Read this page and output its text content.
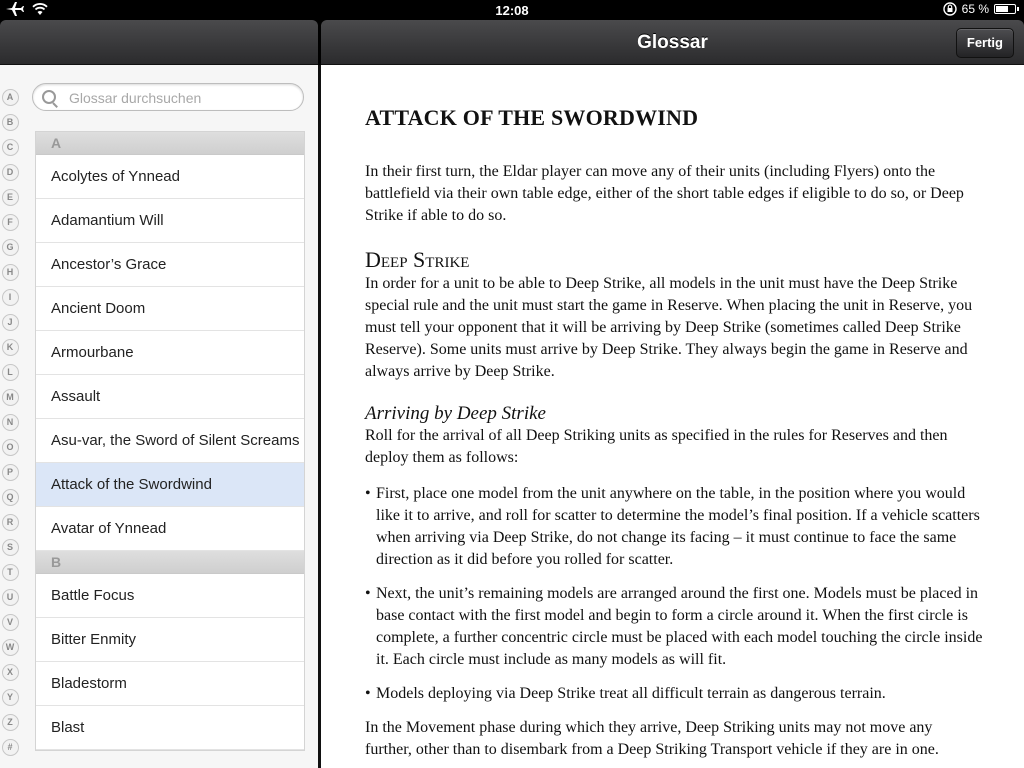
12:08	65 %
Glossar	Fertig
A
B
C
D
E
F
G
H
I
J
K
L
M
N
O
P
Q
R
S
T
U
V
W
X
Y
Z
#
Glossar durchsuchen
A
Acolytes of Ynnead
Adamantium Will
Ancestor’s Grace
Ancient Doom
Armourbane
Assault
Asu-var, the Sword of Silent Screams
Attack of the Swordwind
Avatar of Ynnead
B
Battle Focus
Bitter Enmity
Bladestorm
Blast
ATTACK OF THE SWORDWIND

In their first turn, the Eldar player can move any of their units (including Flyers) onto the battlefield via their own table edge, either of the short table edges if eligible to do so, or Deep Strike if able to do so.

Deep Strike

In order for a unit to be able to Deep Strike, all models in the unit must have the Deep Strike special rule and the unit must start the game in Reserve. When placing the unit in Reserve, you must tell your opponent that it will be arriving by Deep Strike (sometimes called Deep Strike Reserve). Some units must arrive by Deep Strike. They always begin the game in Reserve and always arrive by Deep Strike.

Arriving by Deep Strike

Roll for the arrival of all Deep Striking units as specified in the rules for Reserves and then deploy them as follows:

• First, place one model from the unit anywhere on the table, in the position where you would like it to arrive, and roll for scatter to determine the model’s final position. If a vehicle scatters when arriving via Deep Strike, do not change its facing – it must continue to face the same direction as it did before you rolled for scatter.
• Next, the unit’s remaining models are arranged around the first one. Models must be placed in base contact with the first model and begin to form a circle around it. When the first circle is complete, a further concentric circle must be placed with each model touching the circle inside it. Each circle must include as many models as will fit.
• Models deploying via Deep Strike treat all difficult terrain as dangerous terrain.

In the Movement phase during which they arrive, Deep Striking units may not move any further, other than to disembark from a Deep Striking Transport vehicle if they are in one.
